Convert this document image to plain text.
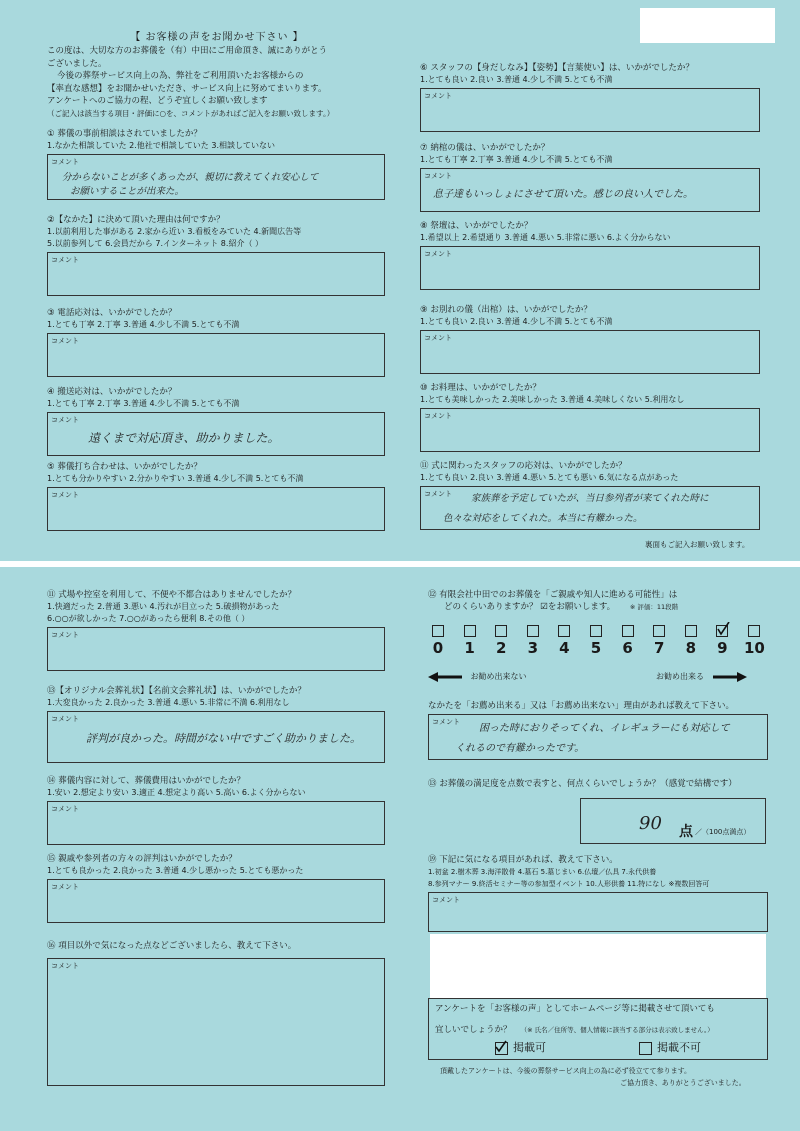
【 お客様の声をお聞かせ下さい 】
この度は、大切な方のお葬儀を（有）中田にご用命頂き、誠にありがとう
ございました。
今後の葬祭サービス向上の為、弊社をご利用頂いたお客様からの
【率直な感想】をお聞かせいただき、サービス向上に努めてまいります。
アンケートへのご協力の程、どうぞ宜しくお願い致します
（ご記入は該当する項目・評価に○を、コメントがあればご記入をお願い致します。）
① 葬儀の事前相談はされていましたか？
1.なかた相談していた 2.他社で相談していた 3.相談していない
コメント
分からないことが多くあったが、親切に教えてくれ安心して
お願いすることが出来た。
②【なかた】に決めて頂いた理由は何ですか？
1.以前利用した事がある 2.家から近い 3.看板をみていた 4.新聞広告等
5.以前参列して 6.会員だから 7.インターネット 8.紹介（ ）
コメント
③ 電話応対は、いかがでしたか？
1.とても丁寧 2.丁寧 3.普通 4.少し不満 5.とても不満
コメント
④ 搬送応対は、いかがでしたか？
1.とても丁寧 2.丁寧 3.普通 4.少し不満 5.とても不満
コメント
遠くまで対応頂き、助かりました。
⑤ 葬儀打ち合わせは、いかがでしたか？
1.とても分かりやすい 2.分かりやすい 3.普通 4.少し不満 5.とても不満
コメント
⑥ スタッフの【身だしなみ】【姿勢】【言葉使い】は、いかがでしたか？
1.とても良い 2.良い 3.普通 4.少し不満 5.とても不満
コメント
⑦ 納棺の儀は、いかがでしたか？
1.とても丁寧 2.丁寧 3.普通 4.少し不満 5.とても不満
コメント
息子達もいっしょにさせて頂いた。感じの良い人でした。
⑧ 祭壇は、いかがでしたか？
1.希望以上 2.希望通り 3.普通 4.悪い 5.非常に悪い 6.よく分からない
コメント
⑨ お別れの儀（出棺）は、いかがでしたか？
1.とても良い 2.良い 3.普通 4.少し不満 5.とても不満
コメント
⑩ お料理は、いかがでしたか？
1.とても美味しかった 2.美味しかった 3.普通 4.美味しくない 5.利用なし
コメント
⑪ 式に関わったスタッフの応対は、いかがでしたか？
1.とても良い 2.良い 3.普通 4.悪い 5.とても悪い 6.気になる点があった
コメント 家族葬を予定していたが、当日参列者が来てくれた時に
色々な対応をしてくれた。本当に有難かった。
裏面もご記入お願い致します。
⑪ 式場や控室を利用して、不便や不都合はありませんでしたか？
1.快適だった 2.普通 3.悪い 4.汚れが目立った 5.破損物があった
6.○○が欲しかった 7.○○があったら便利 8.その他（ ）
コメント
⑬【オリジナル会葬礼状】【名前文会葬礼状】は、いかがでしたか？
1.大変良かった 2.良かった 3.普通 4.悪い 5.非常に不満 6.利用なし
コメント
評判が良かった。時間がない中ですごく助かりました。
⑭ 葬儀内容に対して、葬儀費用はいかがでしたか？
1.安い 2.想定より安い 3.適正 4.想定より高い 5.高い 6.よく分からない
コメント
⑮ 親戚や参列者の方々の評判はいかがでしたか？
1.とても良かった 2.良かった 3.普通 4.少し悪かった 5.とても悪かった
コメント
⑯ 項目以外で気になった点などございましたら、教えて下さい。
コメント
⑫ 有限会社中田でのお葬儀を「ご親戚や知人に進める可能性」は
どのくらいありますか？ ☑をお願いします。 ※ 評価：11段階
0	1	2	3	4	5	6	7	8	9	10
お勧め出来ない	お勧め出来る
なかたを「お薦め出来る」又は「お薦め出来ない」理由があれば教えて下さい。
コメント
困った時におりそってくれ、イレギュラーにも対応して
くれるので有難かったです。
⑬ お葬儀の満足度を点数で表すと、何点くらいでしょうか？（感覚で結構です）
90 点 ／（100点満点）
⑲ 下記に気になる項目があれば、教えて下さい。
1.初盆 2.樹木葬 3.海洋散骨 4.墓石 5.墓じまい 6.仏壇／仏具 7.永代供養
8.参列マナー 9.終活セミナー等の参加型イベント 10.人形供養 11.特になし ※複数回答可
コメント
アンケートを「お客様の声」としてホームページ等に掲載させて頂いても
宜しいでしょうか？ （※ 氏名／住所等、個人情報に該当する部分は表示致しません。）
掲載可	掲載不可
頂戴したアンケートは、今後の葬祭サービス向上の為に必ず役立てて参ります。
ご協力頂き、ありがとうございました。
